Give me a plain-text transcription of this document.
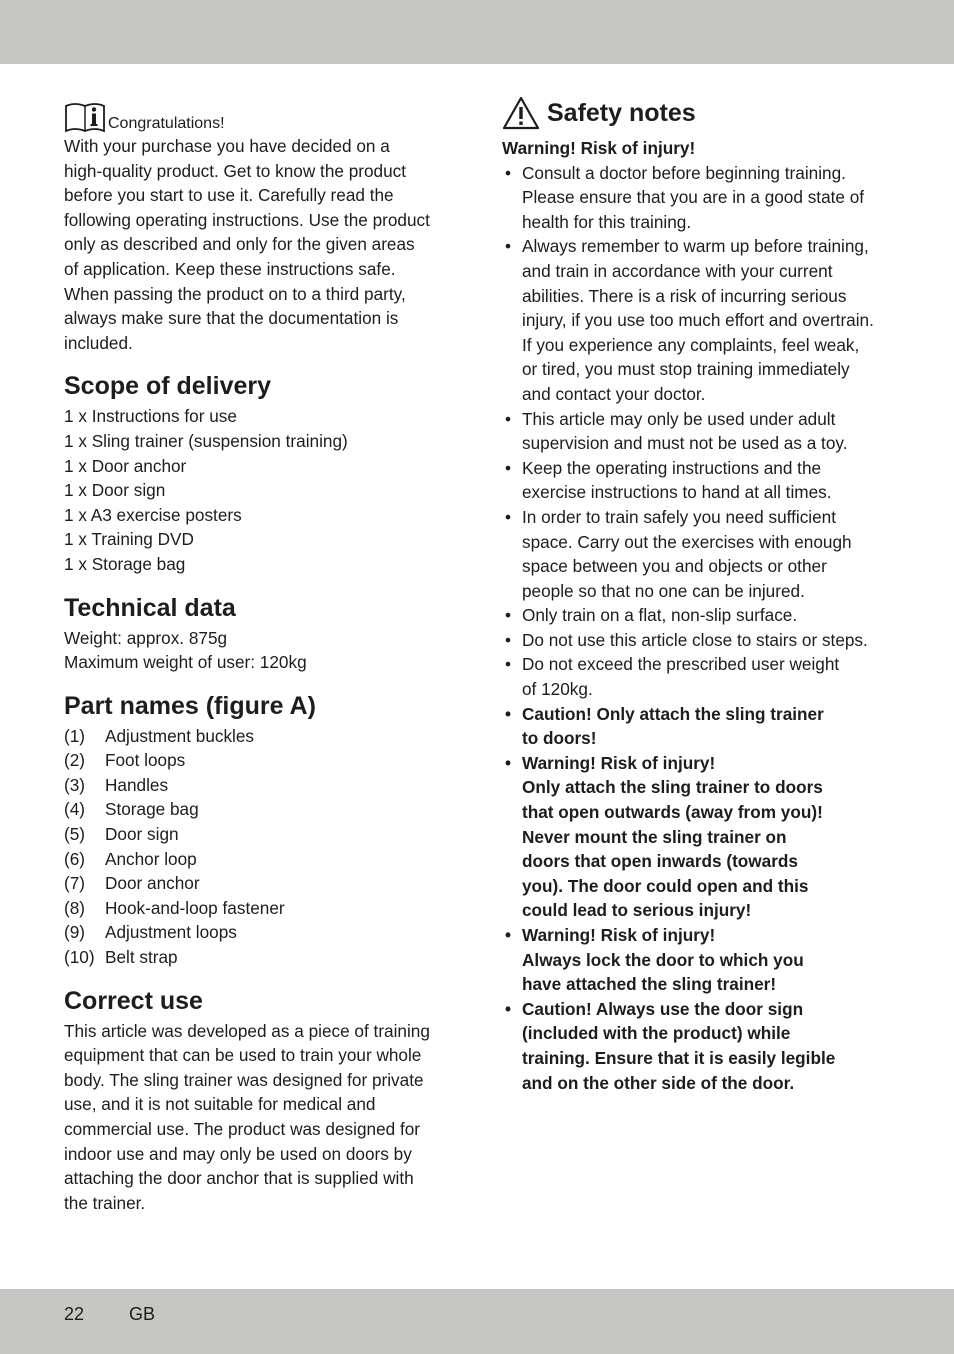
Congratulations!

With your purchase you have decided on a
high-quality product. Get to know the product
before you start to use it. Carefully read the
following operating instructions. Use the product
only as described and only for the given areas
of application. Keep these instructions safe.
When passing the product on to a third party,
always make sure that the documentation is
included.

Scope of delivery
1 x Instructions for use
1 x Sling trainer (suspension training)
1 x Door anchor
1 x Door sign
1 x A3 exercise posters
1 x Training DVD
1 x Storage bag
Technical data
Weight: approx. 875g
Maximum weight of user: 120kg
Part names (figure A)
(1)	Adjustment buckles
(2)	Foot loops
(3)	Handles
(4)	Storage bag
(5)	Door sign
(6)	Anchor loop
(7)	Door anchor
(8)	Hook-and-loop fastener
(9)	Adjustment loops
(10) Belt strap
Correct use

This article was developed as a piece of training
equipment that can be used to train your whole
body. The sling trainer was designed for private
use, and it is not suitable for medical and
commercial use. The product was designed for
indoor use and may only be used on doors by
attaching the door anchor that is supplied with
the trainer.

Safety notes
Warning! Risk of injury!
• Consult a doctor before beginning training.
Please ensure that you are in a good state of
health for this training.
• Always remember to warm up before training,
and train in accordance with your current
abilities. There is a risk of incurring serious
injury, if you use too much effort and overtrain.
If you experience any complaints, feel weak,
or tired, you must stop training immediately
and contact your doctor.
• This article may only be used under adult
supervision and must not be used as a toy.
• Keep the operating instructions and the
exercise instructions to hand at all times.
• In order to train safely you need sufficient
space. Carry out the exercises with enough
space between you and objects or other
people so that no one can be injured.
• Only train on a flat, non-slip surface.
• Do not use this article close to stairs or steps.
• Do not exceed the prescribed user weight
of 120kg.
• Caution! Only attach the sling trainer
to doors!
• Warning! Risk of injury!
Only attach the sling trainer to doors
that open outwards (away from you)!
Never mount the sling trainer on
doors that open inwards (towards
you). The door could open and this
could lead to serious injury!
• Warning! Risk of injury!
Always lock the door to which you
have attached the sling trainer!
• Caution! Always use the door sign
(included with the product) while
training. Ensure that it is easily legible
and on the other side of the door.
22 GB
